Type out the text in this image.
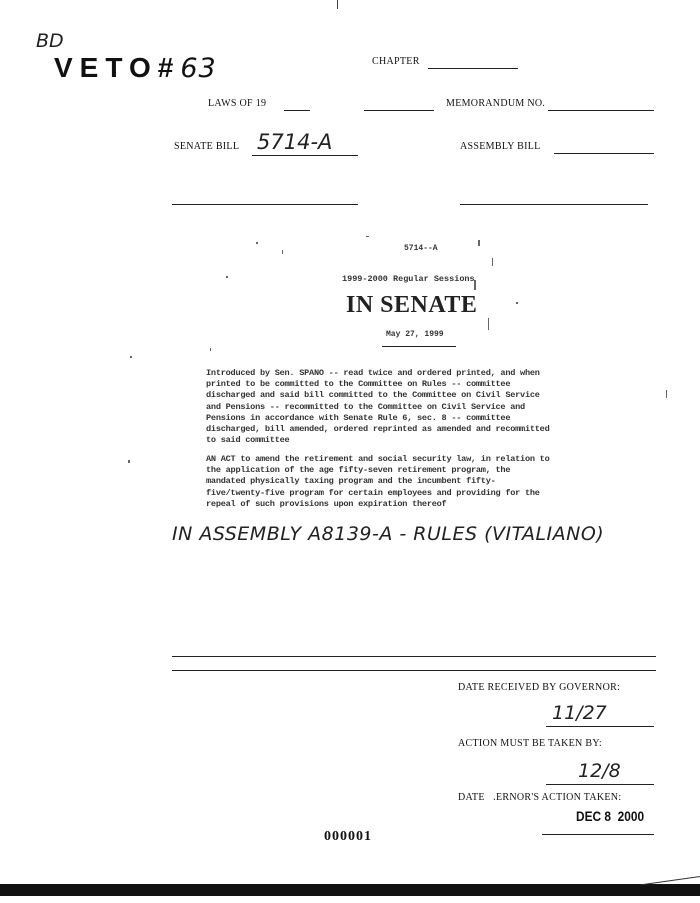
BD
VETO#63	CHAPTER
LAWS OF 19	MEMORANDUM NO.
SENATE BILL 5714-A	ASSEMBLY BILL
5714--A
1999-2000 Regular Sessions
IN SENATE
May 27, 1999
Introduced by Sen. SPANO -- read twice and ordered printed, and when
printed to be committed to the Committee on Rules -- committee
discharged and said bill committed to the Committee on Civil Service
and Pensions -- recommitted to the Committee on Civil Service and
Pensions in accordance with Senate Rule 6, sec. 8 -- committee
discharged, bill amended, ordered reprinted as amended and recommitted
to said committee
AN ACT to amend the retirement and social security law, in relation to
the application of the age fifty-seven retirement program, the
mandated physically taxing program and the incumbent fifty-
five/twenty-five program for certain employees and providing for the
repeal of such provisions upon expiration thereof
IN ASSEMBLY A8139-A - RULES (VITALIANO)
DATE RECEIVED BY GOVERNOR:
11/27
ACTION MUST BE TAKEN BY:
12/8
DATE   .ERNOR'S ACTION TAKEN:
DEC 8  2000
000001
